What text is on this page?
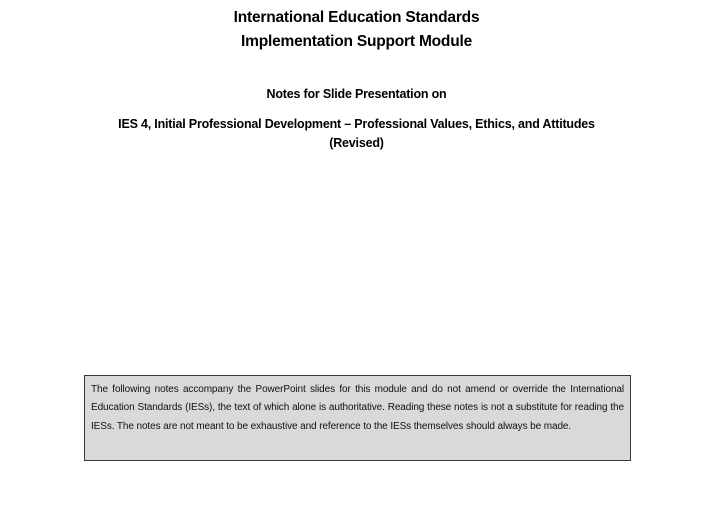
International Education Standards
Implementation Support Module
Notes for Slide Presentation on
IES 4, Initial Professional Development – Professional Values, Ethics, and Attitudes (Revised)
The following notes accompany the PowerPoint slides for this module and do not amend or override the International Education Standards (IESs), the text of which alone is authoritative. Reading these notes is not a substitute for reading the IESs. The notes are not meant to be exhaustive and reference to the IESs themselves should always be made.
